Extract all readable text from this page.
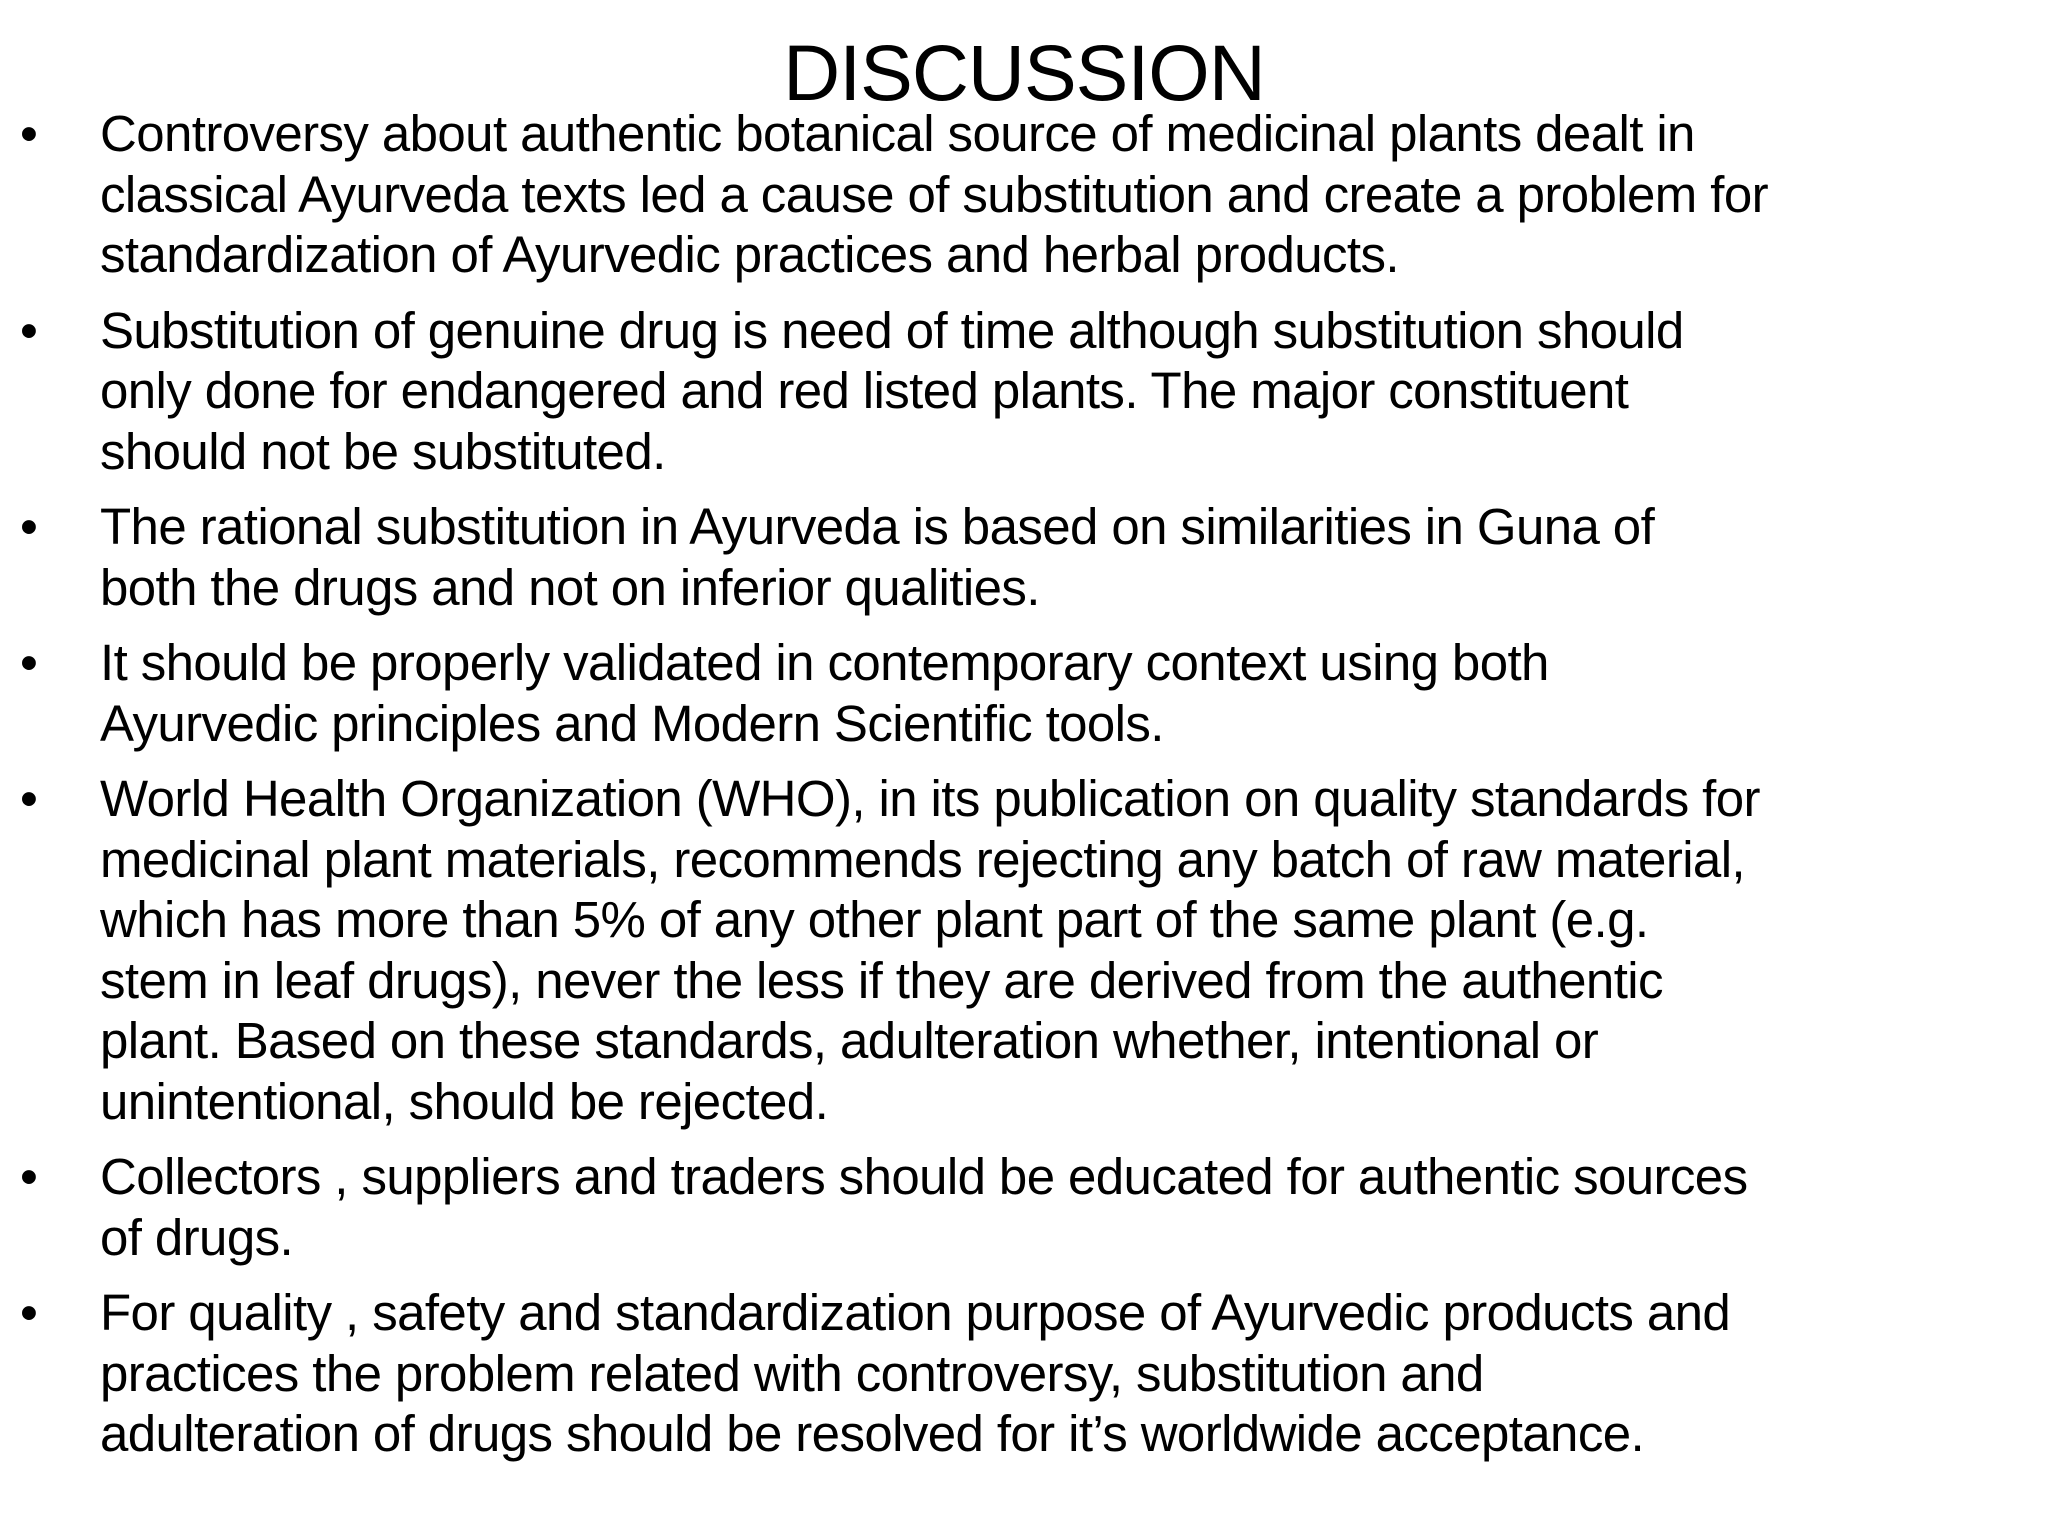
DISCUSSION
•	Controversy about authentic botanical source of medicinal plants dealt in
classical Ayurveda texts led a cause of substitution and create a problem for
standardization of Ayurvedic practices and herbal products.
•	Substitution of genuine drug is need of time although substitution should
only done for endangered and red listed plants. The major constituent
should not be substituted.
•	The rational substitution in Ayurveda is based on similarities in Guna of
both the drugs and not on inferior qualities.
•	It should be properly validated in contemporary context using both
Ayurvedic principles and Modern Scientific tools.
•	World Health Organization (WHO), in its publication on quality standards for
medicinal plant materials, recommends rejecting any batch of raw material,
which has more than 5% of any other plant part of the same plant (e.g.
stem in leaf drugs), never the less if they are derived from the authentic
plant. Based on these standards, adulteration whether, intentional or
unintentional, should be rejected.
•	Collectors , suppliers and traders should be educated for authentic sources
of drugs.
•	For quality , safety and standardization purpose of Ayurvedic products and
practices the problem related with controversy, substitution and
adulteration of drugs should be resolved for it’s worldwide acceptance.
